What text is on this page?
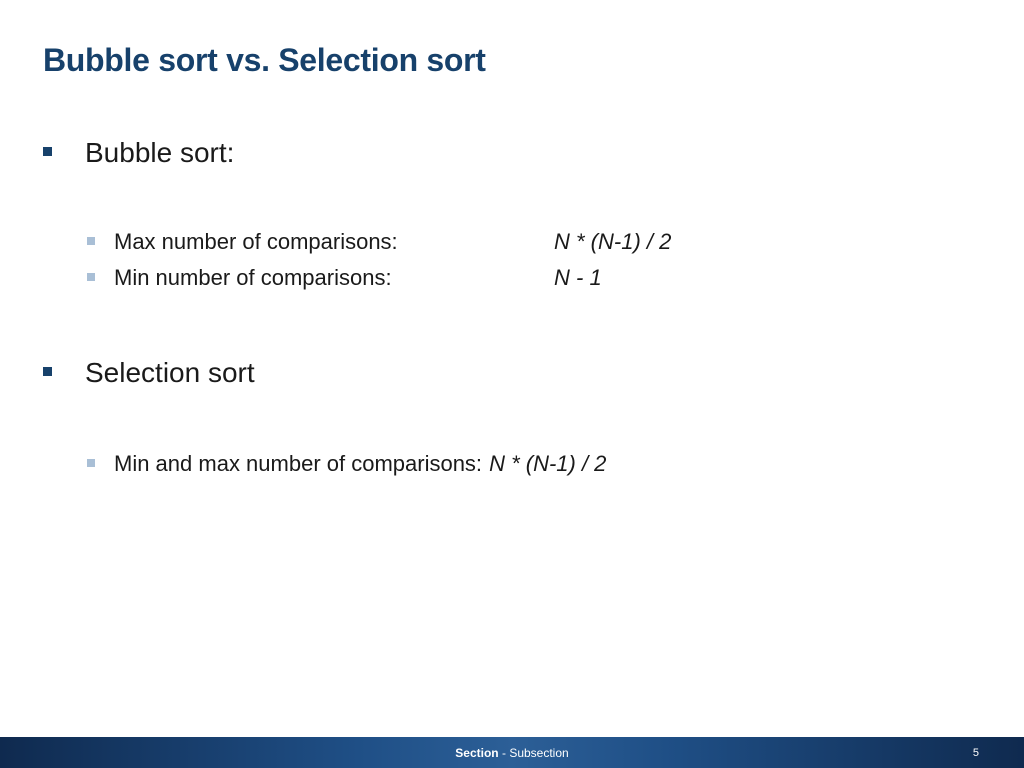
Bubble sort vs. Selection sort
Bubble sort:
Max number of comparisons:	N * (N-1) / 2
Min number of comparisons:	N - 1
Selection sort
Min and max number of comparisons: N * (N-1) / 2
Section - Subsection	5
